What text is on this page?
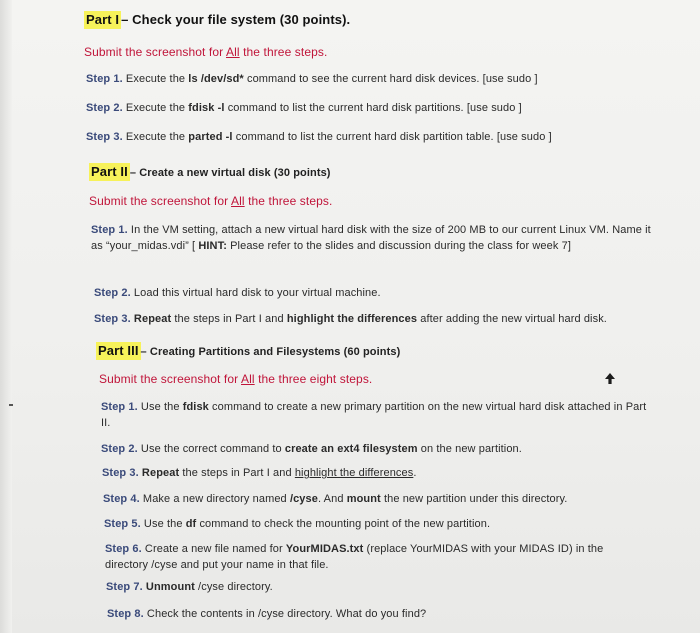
Part I – Check your file system (30 points).
Submit the screenshot for All the three steps.
Step 1. Execute the ls /dev/sd* command to see the current hard disk devices. [use sudo ]
Step 2. Execute the fdisk -l command to list the current hard disk partitions. [use sudo ]
Step 3. Execute the parted -l command to list the current hard disk partition table. [use sudo ]
Part II – Create a new virtual disk (30 points)
Submit the screenshot for All the three steps.
Step 1. In the VM setting, attach a new virtual hard disk with the size of 200 MB to our current Linux VM. Name it as “your_midas.vdi” [ HINT: Please refer to the slides and discussion during the class for week 7]
Step 2. Load this virtual hard disk to your virtual machine.
Step 3. Repeat the steps in Part I and highlight the differences after adding the new virtual hard disk.
Part III – Creating Partitions and Filesystems (60 points)
Submit the screenshot for All the three eight steps.
Step 1. Use the fdisk command to create a new primary partition on the new virtual hard disk attached in Part II.
Step 2. Use the correct command to create an ext4 filesystem on the new partition.
Step 3. Repeat the steps in Part I and highlight the differences.
Step 4. Make a new directory named /cyse. And mount the new partition under this directory.
Step 5. Use the df command to check the mounting point of the new partition.
Step 6. Create a new file named for YourMIDAS.txt (replace YourMIDAS with your MIDAS ID) in the directory /cyse and put your name in that file.
Step 7. Unmount /cyse directory.
Step 8. Check the contents in /cyse directory. What do you find?
